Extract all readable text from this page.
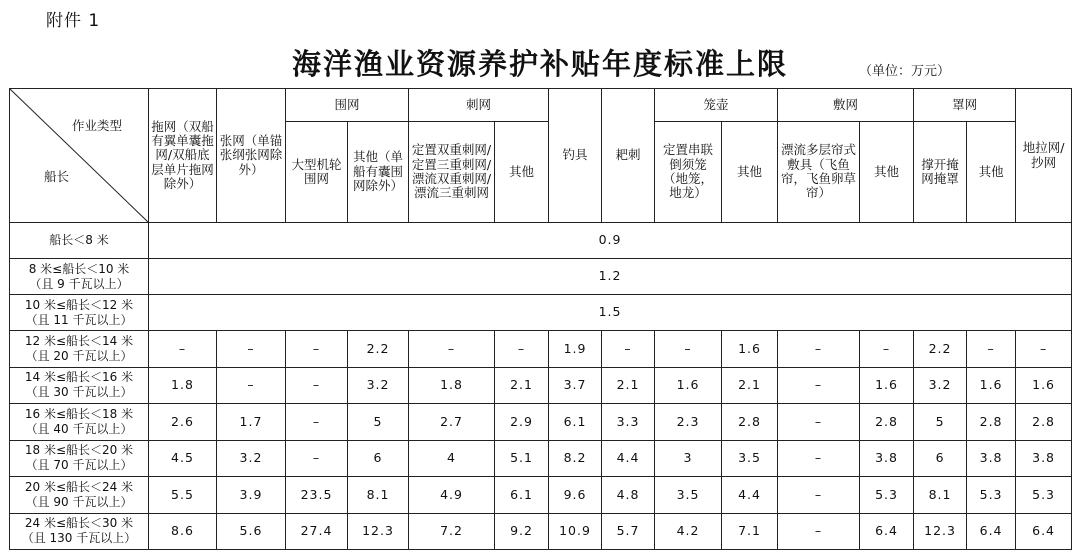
附件 1
海洋渔业资源养护补贴年度标准上限	（单位：万元）
作业类型
船长	拖网（双船有翼单囊拖网/双船底层单片拖网除外）	张网（单锚张纲张网除外）	围网		刺网		钓具	耙刺	笼壶		敷网		罩网		地拉网/抄网
			大型机轮围网	其他（单船有囊围网除外）	定置双重刺网/定置三重刺网/漂流双重刺网/漂流三重刺网	其他			定置串联倒须笼（地笼，地龙）	其他	漂流多层帘式敷具（飞鱼帘，飞鱼卵草帘）	其他	撑开掩网掩罩	其他	

船长＜8 米	0.9														

8 米≤船长＜10 米
（且 9 千瓦以上）	1.2														

10 米≤船长＜12 米
（且 11 千瓦以上）	1.5														

12 米≤船长＜14 米
（且 20 千瓦以上）	–	–	–	2.2	–	–	1.9	–	–	1.6	–	–	2.2	–	–

14 米≤船长＜16 米
（且 30 千瓦以上）	1.8	–	–	3.2	1.8	2.1	3.7	2.1	1.6	2.1	–	1.6	3.2	1.6	1.6

16 米≤船长＜18 米
（且 40 千瓦以上）	2.6	1.7	–	5	2.7	2.9	6.1	3.3	2.3	2.8	–	2.8	5	2.8	2.8

18 米≤船长＜20 米
（且 70 千瓦以上）	4.5	3.2	–	6	4	5.1	8.2	4.4	3	3.5	–	3.8	6	3.8	3.8

20 米≤船长＜24 米
（且 90 千瓦以上）	5.5	3.9	23.5	8.1	4.9	6.1	9.6	4.8	3.5	4.4	–	5.3	8.1	5.3	5.3

24 米≤船长＜30 米
（且 130 千瓦以上）	8.6	5.6	27.4	12.3	7.2	9.2	10.9	5.7	4.2	7.1	–	6.4	12.3	6.4	6.4
